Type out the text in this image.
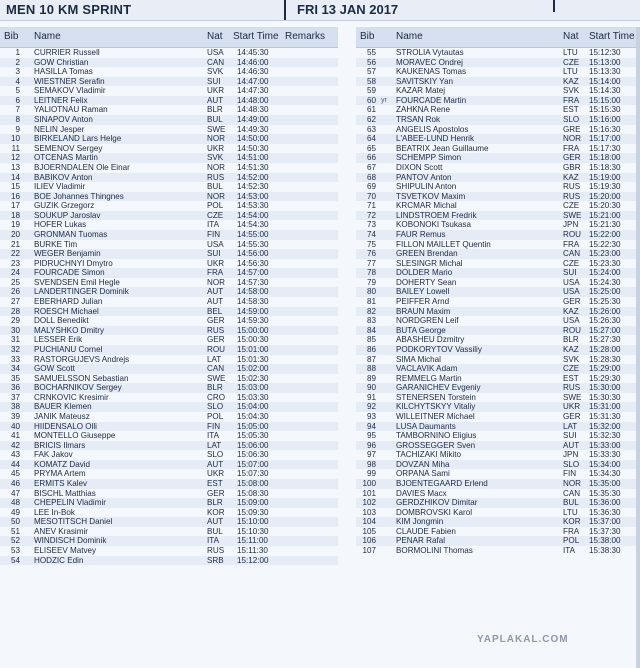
MEN 10 KM SPRINT	FRI 13 JAN 2017
Bib Name	Nat Start Time Remarks
1 CURRIER Russell	USA 14:45:30
2 GOW Christian	CAN 14:46:00
3 HASILLA Tomas	SVK 14:46:30
4 WIESTNER Serafin	SUI 14:47:00
5 SEMAKOV Vladimir	UKR 14:47:30
6 LEITNER Felix	AUT 14:48:00
7 YALIOTNAU Raman	BLR 14:48:30
8 SINAPOV Anton	BUL 14:49:00
9 NELIN Jesper	SWE 14:49:30
10 BIRKELAND Lars Helge	NOR 14:50:00
11 SEMENOV Sergey	UKR 14:50:30
12 OTCENAS Martin	SVK 14:51:00
13 BJOERNDALEN Ole Einar	NOR 14:51:30
14 BABIKOV Anton	RUS 14:52:00
15 ILIEV Vladimir	BUL 14:52:30
16 BOE Johannes Thingnes	NOR 14:53:00
17 GUZIK Grzegorz	POL 14:53:30
18 SOUKUP Jaroslav	CZE 14:54:00
19 HOFER Lukas	ITA 14:54:30
20 GRONMAN Tuomas	FIN 14:55:00
21 BURKE Tim	USA 14:55:30
22 WEGER Benjamin	SUI 14:56:00
23 PIDRUCHNYI Dmytro	UKR 14:56:30
24 FOURCADE Simon	FRA 14:57:00
25 SVENDSEN Emil Hegle	NOR 14:57:30
26 LANDERTINGER Dominik	AUT 14:58:00
27 EBERHARD Julian	AUT 14:58:30
28 ROESCH Michael	BEL 14:59:00
29 DOLL Benedikt	GER 14:59:30
30 MALYSHKO Dmitry	RUS 15:00:00
31 LESSER Erik	GER 15:00:30
32 PUCHIANU Cornel	ROU 15:01:00
33 RASTORGUJEVS Andrejs	LAT 15:01:30
34 GOW Scott	CAN 15:02:00
35 SAMUELSSON Sebastian	SWE 15:02:30
36 BOCHARNIKOV Sergey	BLR 15:03:00
37 CRNKOVIC Kresimir	CRO 15:03:30
38 BAUER Klemen	SLO 15:04:00
39 JANIK Mateusz	POL 15:04:30
40 HIIDENSALO Olli	FIN 15:05:00
41 MONTELLO Giuseppe	ITA 15:05:30
42 BRICIS Ilmars	LAT 15:06:00
43 FAK Jakov	SLO 15:06:30
44 KOMATZ David	AUT 15:07:00
45 PRYMA Artem	UKR 15:07:30
46 ERMITS Kalev	EST 15:08:00
47 BISCHL Matthias	GER 15:08:30
48 CHEPELIN Vladimir	BLR 15:09:00
49 LEE In-Bok	KOR 15:09:30
50 MESOTITSCH Daniel	AUT 15:10:00
51 ANEV Krasimir	BUL 15:10:30
52 WINDISCH Dominik	ITA 15:11:00
53 ELISEEV Matvey	RUS 15:11:30
54 HODZIC Edin	SRB 15:12:00
Bib Name	Nat Start Time
55 STROLIA Vytautas	LTU 15:12:30
56 MORAVEC Ondrej	CZE 15:13:00
57 KAUKENAS Tomas	LTU 15:13:30
58 SAVITSKIY Yan	KAZ 15:14:00
59 KAZAR Matej	SVK 15:14:30
60 FOURCADE Martin	FRA 15:15:00
yr
61 ZAHKNA Rene	EST 15:15:30
62 TRSAN Rok	SLO 15:16:00
63 ANGELIS Apostolos	GRE 15:16:30
64 L'ABEE-LUND Henrik	NOR 15:17:00
65 BEATRIX Jean Guillaume	FRA 15:17:30
66 SCHEMPP Simon	GER 15:18:00
67 DIXON Scott	GBR 15:18:30
68 PANTOV Anton	KAZ 15:19:00
69 SHIPULIN Anton	RUS 15:19:30
70 TSVETKOV Maxim	RUS 15:20:00
71 KRCMAR Michal	CZE 15:20:30
72 LINDSTROEM Fredrik	SWE 15:21:00
73 KOBONOKI Tsukasa	JPN 15:21:30
74 FAUR Remus	ROU 15:22:00
75 FILLON MAILLET Quentin	FRA 15:22:30
76 GREEN Brendan	CAN 15:23:00
77 SLESINGR Michal	CZE 15:23:30
78 DOLDER Mario	SUI 15:24:00
79 DOHERTY Sean	USA 15:24:30
80 BAILEY Lowell	USA 15:25:00
81 PEIFFER Arnd	GER 15:25:30
82 BRAUN Maxim	KAZ 15:26:00
83 NORDGREN Leif	USA 15:26:30
84 BUTA George	ROU 15:27:00
85 ABASHEU Dzmitry	BLR 15:27:30
86 PODKORYTOV Vassiliy	KAZ 15:28:00
87 SIMA Michal	SVK 15:28:30
88 VACLAVIK Adam	CZE 15:29:00
89 REMMELG Martin	EST 15:29:30
90 GARANICHEV Evgeniy	RUS 15:30:00
91 STENERSEN Torstein	SWE 15:30:30
92 KILCHYTSKYY Vitaliy	UKR 15:31:00
93 WILLEITNER Michael	GER 15:31:30
94 LUSA Daumants	LAT 15:32:00
95 TAMBORNINO Eligius	SUI 15:32:30
96 GROSSEGGER Sven	AUT 15:33:00
97 TACHIZAKI Mikito	JPN 15:33:30
98 DOVZAN Miha	SLO 15:34:00
99 ORPANA Sami	FIN 15:34:30
100 BJOENTEGAARD Erlend	NOR 15:35:00
101 DAVIES Macx	CAN 15:35:30
102 GERDZHIKOV Dimitar	BUL 15:36:00
103 DOMBROVSKI Karol	LTU 15:36:30
104 KIM Jongmin	KOR 15:37:00
105 CLAUDE Fabien	FRA 15:37:30
106 PENAR Rafal	POL 15:38:00
107 BORMOLINI Thomas	ITA 15:38:30
YAPLAKAL.COM
